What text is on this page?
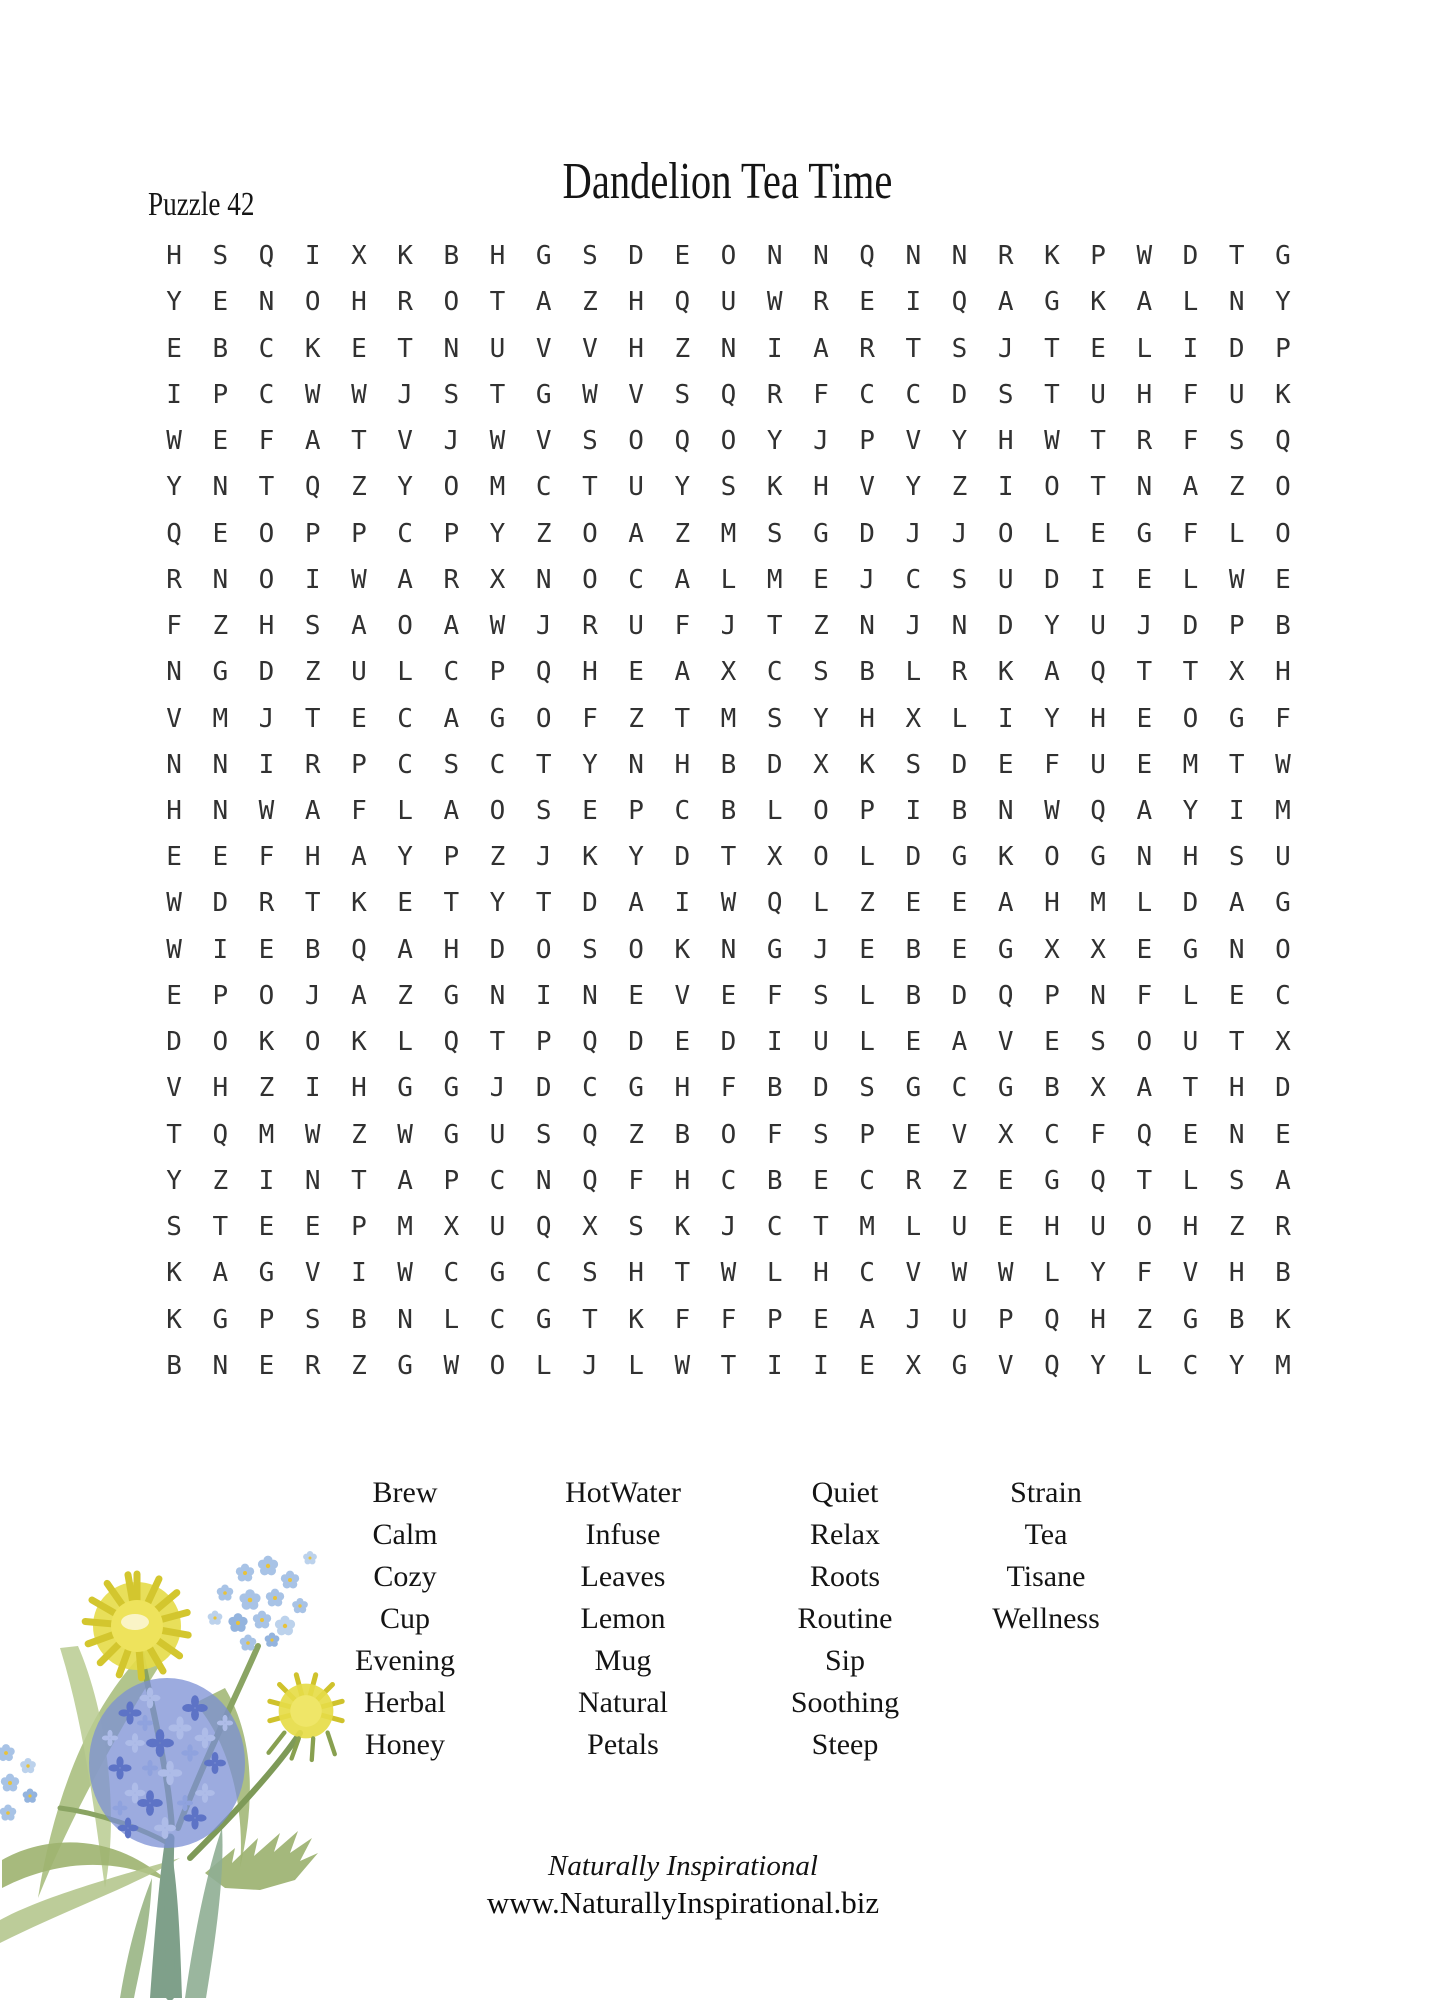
Dandelion Tea Time
Puzzle 42
H	S	Q	I	X	K	B	H	G	S	D	E	O	N	N	Q	N	N	R	K	P	W	D	T	G
Y	E	N	O	H	R	O	T	A	Z	H	Q	U	W	R	E	I	Q	A	G	K	A	L	N	Y
E	B	C	K	E	T	N	U	V	V	H	Z	N	I	A	R	T	S	J	T	E	L	I	D	P
I	P	C	W	W	J	S	T	G	W	V	S	Q	R	F	C	C	D	S	T	U	H	F	U	K
W	E	F	A	T	V	J	W	V	S	O	Q	O	Y	J	P	V	Y	H	W	T	R	F	S	Q
Y	N	T	Q	Z	Y	O	M	C	T	U	Y	S	K	H	V	Y	Z	I	O	T	N	A	Z	O
Q	E	O	P	P	C	P	Y	Z	O	A	Z	M	S	G	D	J	J	O	L	E	G	F	L	O
R	N	O	I	W	A	R	X	N	O	C	A	L	M	E	J	C	S	U	D	I	E	L	W	E
F	Z	H	S	A	O	A	W	J	R	U	F	J	T	Z	N	J	N	D	Y	U	J	D	P	B
N	G	D	Z	U	L	C	P	Q	H	E	A	X	C	S	B	L	R	K	A	Q	T	T	X	H
V	M	J	T	E	C	A	G	O	F	Z	T	M	S	Y	H	X	L	I	Y	H	E	O	G	F
N	N	I	R	P	C	S	C	T	Y	N	H	B	D	X	K	S	D	E	F	U	E	M	T	W
H	N	W	A	F	L	A	O	S	E	P	C	B	L	O	P	I	B	N	W	Q	A	Y	I	M
E	E	F	H	A	Y	P	Z	J	K	Y	D	T	X	O	L	D	G	K	O	G	N	H	S	U
W	D	R	T	K	E	T	Y	T	D	A	I	W	Q	L	Z	E	E	A	H	M	L	D	A	G
W	I	E	B	Q	A	H	D	O	S	O	K	N	G	J	E	B	E	G	X	X	E	G	N	O
E	P	O	J	A	Z	G	N	I	N	E	V	E	F	S	L	B	D	Q	P	N	F	L	E	C
D	O	K	O	K	L	Q	T	P	Q	D	E	D	I	U	L	E	A	V	E	S	O	U	T	X
V	H	Z	I	H	G	G	J	D	C	G	H	F	B	D	S	G	C	G	B	X	A	T	H	D
T	Q	M	W	Z	W	G	U	S	Q	Z	B	O	F	S	P	E	V	X	C	F	Q	E	N	E
Y	Z	I	N	T	A	P	C	N	Q	F	H	C	B	E	C	R	Z	E	G	Q	T	L	S	A
S	T	E	E	P	M	X	U	Q	X	S	K	J	C	T	M	L	U	E	H	U	O	H	Z	R
K	A	G	V	I	W	C	G	C	S	H	T	W	L	H	C	V	W	W	L	Y	F	V	H	B
K	G	P	S	B	N	L	C	G	T	K	F	F	P	E	A	J	U	P	Q	H	Z	G	B	K
B	N	E	R	Z	G	W	O	L	J	L	W	T	I	I	E	X	G	V	Q	Y	L	C	Y	M
Brew
Calm
Cozy
Cup
Evening
Herbal
Honey
HotWater
Infuse
Leaves
Lemon
Mug
Natural
Petals
Quiet
Relax
Roots
Routine
Sip
Soothing
Steep
Strain
Tea
Tisane
Wellness
Naturally Inspirational
www.NaturallyInspirational.biz
